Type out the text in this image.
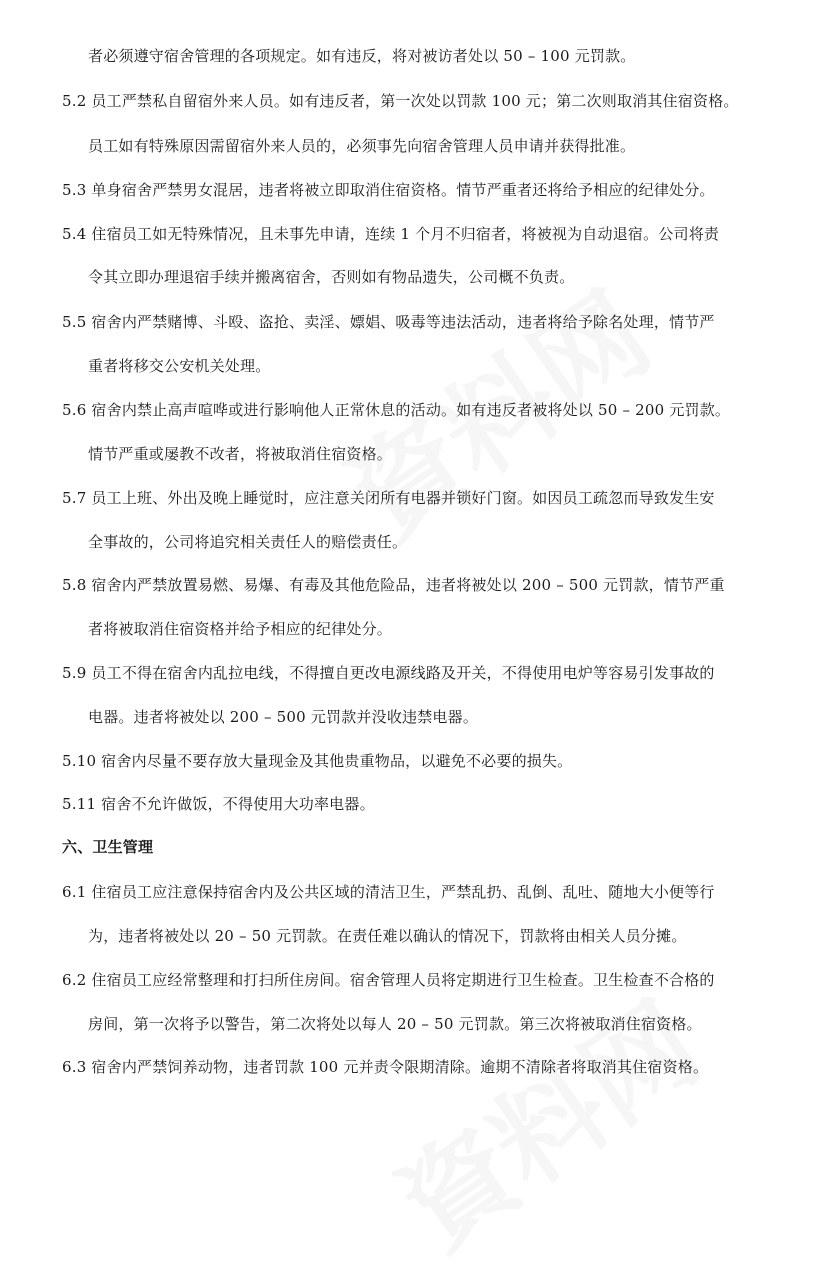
者必须遵守宿舍管理的各项规定。如有违反，将对被访者处以 50 – 100 元罚款。
5.2 员工严禁私自留宿外来人员。如有违反者，第一次处以罚款 100 元；第二次则取消其住宿资格。
员工如有特殊原因需留宿外来人员的，必须事先向宿舍管理人员申请并获得批准。
5.3 单身宿舍严禁男女混居，违者将被立即取消住宿资格。情节严重者还将给予相应的纪律处分。
5.4 住宿员工如无特殊情况，且未事先申请，连续 1 个月不归宿者，将被视为自动退宿。公司将责
令其立即办理退宿手续并搬离宿舍，否则如有物品遗失，公司概不负责。
5.5 宿舍内严禁赌博、斗殴、盗抢、卖淫、嫖娼、吸毒等违法活动，违者将给予除名处理，情节严
重者将移交公安机关处理。
5.6 宿舍内禁止高声喧哗或进行影响他人正常休息的活动。如有违反者被将处以 50 – 200 元罚款。
情节严重或屡教不改者，将被取消住宿资格。
5.7 员工上班、外出及晚上睡觉时，应注意关闭所有电器并锁好门窗。如因员工疏忽而导致发生安
全事故的，公司将追究相关责任人的赔偿责任。
5.8 宿舍内严禁放置易燃、易爆、有毒及其他危险品，违者将被处以 200 – 500 元罚款，情节严重
者将被取消住宿资格并给予相应的纪律处分。
5.9 员工不得在宿舍内乱拉电线，不得擅自更改电源线路及开关，不得使用电炉等容易引发事故的
电器。违者将被处以 200 – 500 元罚款并没收违禁电器。
5.10 宿舍内尽量不要存放大量现金及其他贵重物品，以避免不必要的损失。
5.11 宿舍不允许做饭，不得使用大功率电器。
六、卫生管理
6.1 住宿员工应注意保持宿舍内及公共区域的清洁卫生，严禁乱扔、乱倒、乱吐、随地大小便等行
为，违者将被处以 20 – 50 元罚款。在责任难以确认的情况下，罚款将由相关人员分摊。
6.2 住宿员工应经常整理和打扫所住房间。宿舍管理人员将定期进行卫生检查。卫生检查不合格的
房间，第一次将予以警告，第二次将处以每人 20 – 50 元罚款。第三次将被取消住宿资格。
6.3 宿舍内严禁饲养动物，违者罚款 100 元并责令限期清除。逾期不清除者将取消其住宿资格。
